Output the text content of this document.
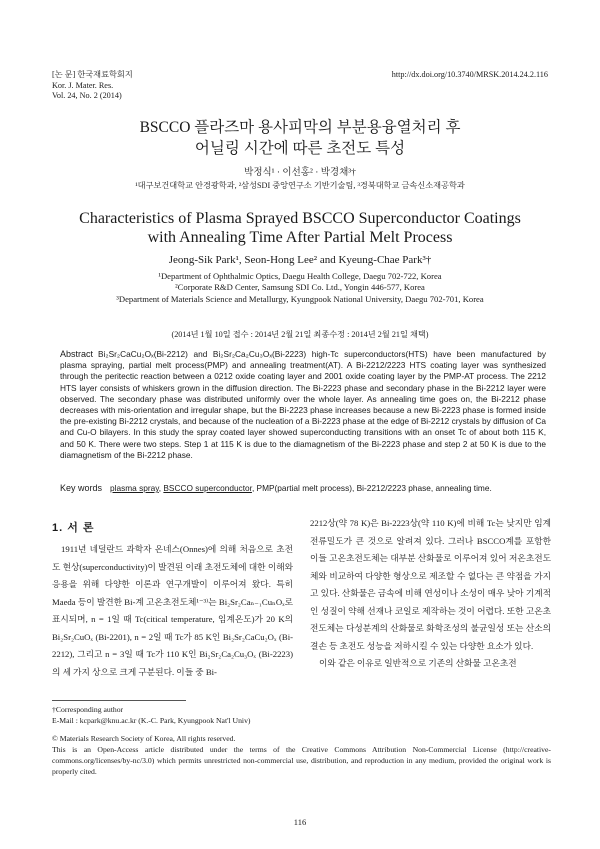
[논 문] 한국재료학회지
Kor. J. Mater. Res.
Vol. 24, No. 2 (2014)
http://dx.doi.org/10.3740/MRSK.2014.24.2.116
BSCCO 플라즈마 용사피막의 부분용융열처리 후
어닐링 시간에 따른 초전도 특성
박정식¹ · 이선홍² · 박경채³†
¹대구보건대학교 안경광학과, ²삼성SDI 중앙연구소 기반기술팀, ³경북대학교 금속신소재공학과
Characteristics of Plasma Sprayed BSCCO Superconductor Coatings
with Annealing Time After Partial Melt Process
Jeong-Sik Park¹, Seon-Hong Lee² and Kyeung-Chae Park³†
¹Department of Ophthalmic Optics, Daegu Health College, Daegu 702-722, Korea
²Corporate R&D Center, Samsung SDI Co. Ltd., Yongin 446-577, Korea
³Department of Materials Science and Metallurgy, Kyungpook National University, Daegu 702-701, Korea
(2014년 1월 10일 접수 : 2014년 2월 21일 최종수정 : 2014년 2월 21일 채택)
Abstract Bi₂Sr₂CaCu₂Oₓ(Bi-2212) and Bi₂Sr₂Ca₂Cu₃Oₓ(Bi-2223) high-Tc superconductors(HTS) have been manufactured by plasma spraying, partial melt process(PMP) and annealing treatment(AT). A Bi-2212/2223 HTS coating layer was synthesized through the peritectic reaction between a 0212 oxide coating layer and 2001 oxide coating layer by the PMP-AT process. The 2212 HTS layer consists of whiskers grown in the diffusion direction. The Bi-2223 phase and secondary phase in the Bi-2212 layer were observed. The secondary phase was distributed uniformly over the whole layer. As annealing time goes on, the Bi-2212 phase decreases with mis-orientation and irregular shape, but the Bi-2223 phase increases because a new Bi-2223 phase is formed inside the pre-existing Bi-2212 crystals, and because of the nucleation of a Bi-2223 phase at the edge of Bi-2212 crystals by diffusion of Ca and Cu-O bilayers. In this study the spray coated layer showed superconducting transitions with an onset Tc of about both 115 K, and 50 K. There were two steps. Step 1 at 115 K is due to the diamagnetism of the Bi-2223 phase and step 2 at 50 K is due to the diamagnetism of the Bi-2212 phase.
Key words plasma spray, BSCCO superconductor, PMP(partial melt process), Bi-2212/2223 phase, annealing time.
1. 서 론

1911년 네덜란드 과학자 온네스(Onnes)에 의해 처음으로 초전도 현상(superconductivity)이 발견된 이래 초전도체에 대한 이해와 응용을 위해 다양한 이론과 연구개발이 이루어져 왔다. 특히 Maeda 등이 발견한 Bi-계 고온초전도체¹⁻³⁾는 Bi₂Sr₂Caₙ₋₁CuₙOₓ로 표시되며, n = 1일 때 Tc(citical temperature, 임계온도)가 20 K의 Bi₂Sr₂CuOₓ (Bi-2201), n = 2일 때 Tc가 85 K인 Bi₂Sr₂CaCu₂Oₓ (Bi-2212), 그리고 n = 3일 때 Tc가 110 K인 Bi₂Sr₂Ca₂Cu₃Oₓ (Bi-2223)의 세 가지 상으로 크게 구분된다. 이들 중 Bi-

2212상(약 78 K)은 Bi-2223상(약 110 K)에 비해 Tc는 낮지만 임계전류밀도가 큰 것으로 알려져 있다. 그러나 BSCCO계를 포함한 이들 고온초전도체는 대부분 산화물로 이루어져 있어 저온초전도체와 비교하여 다양한 형상으로 제조할 수 없다는 큰 약점을 가지고 있다. 산화물은 금속에 비해 연성이나 소성이 매우 낮아 기계적인 성질이 약해 선재나 코일로 제작하는 것이 어렵다. 또한 고온초전도체는 다성분계의 산화물로 화학조성의 불균일성 또는 산소의 결손 등 초전도 성능을 저하시킬 수 있는 다양한 요소가 있다.

이와 같은 이유로 일반적으로 기존의 산화물 고온초전

†Corresponding author
E-Mail : kcpark@knu.ac.kr (K.-C. Park, Kyungpook Nat'l Univ)
© Materials Research Society of Korea, All rights reserved.
This is an Open-Access article distributed under the terms of the Creative Commons Attribution Non-Commercial License (http://creative-commons.org/licenses/by-nc/3.0) which permits unrestricted non-commercial use, distribution, and reproduction in any medium, provided the original work is properly cited.
116
